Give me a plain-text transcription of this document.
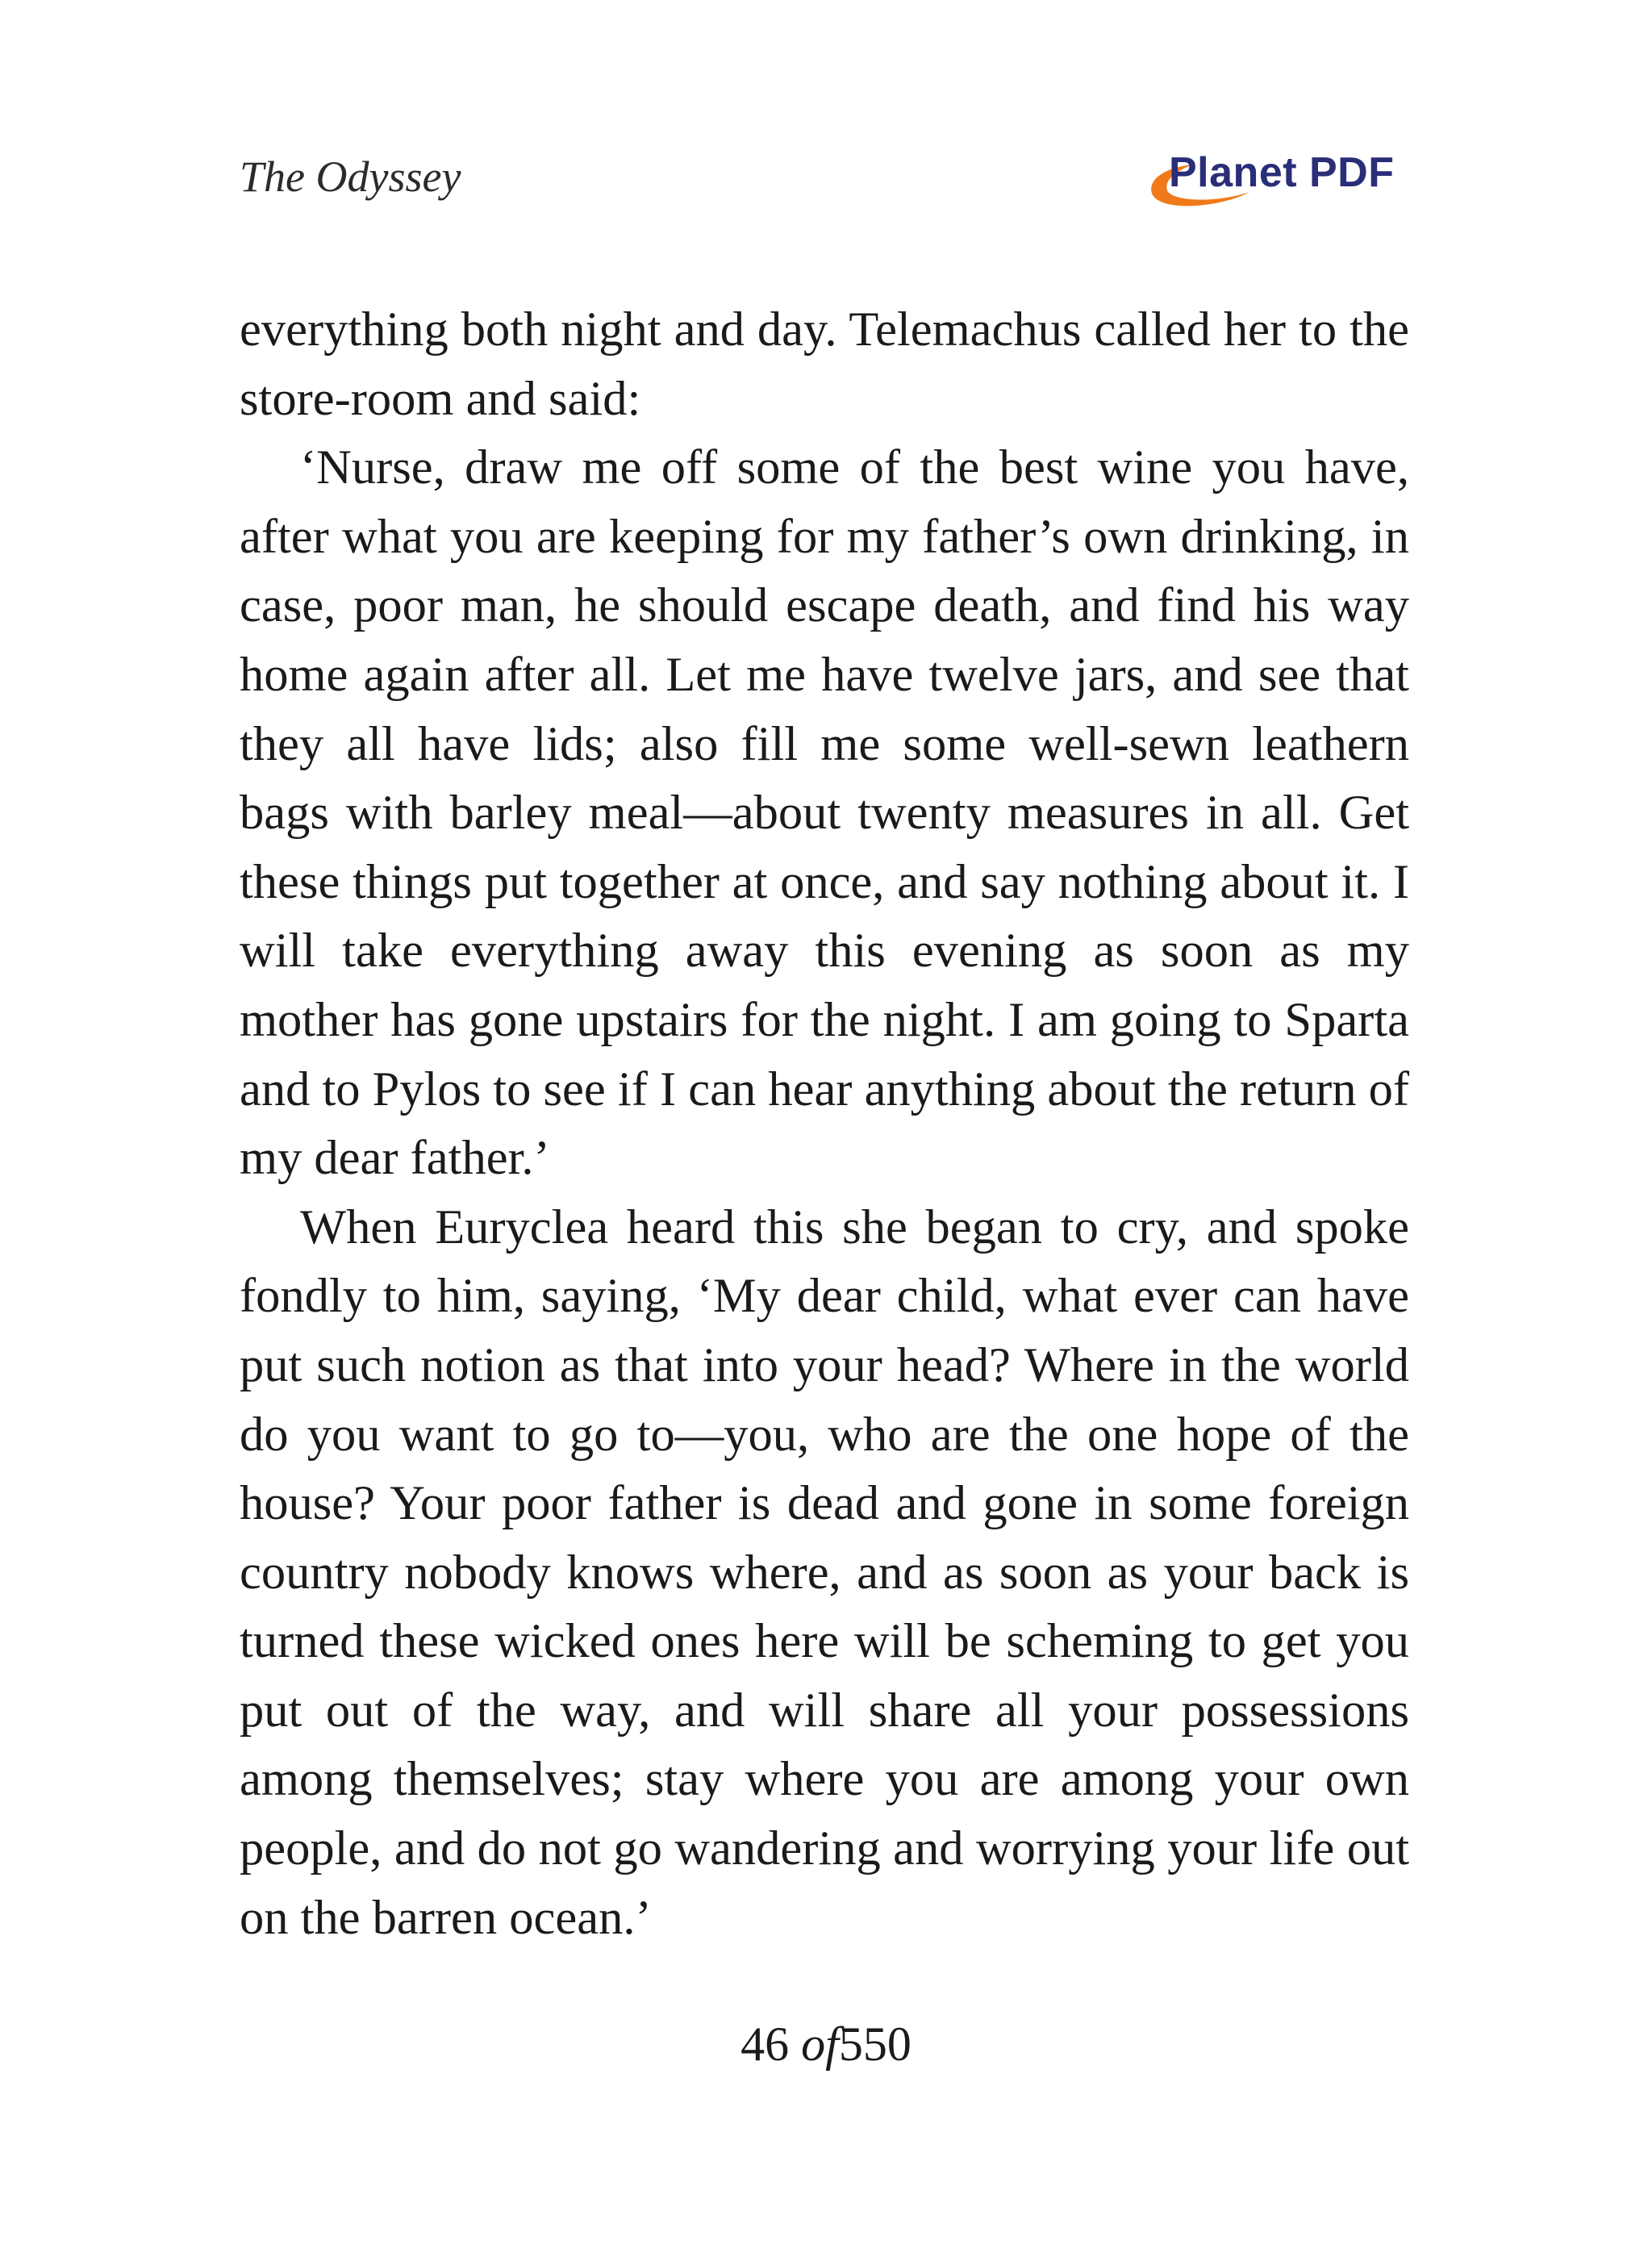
The Odyssey	Planet PDF

everything both night and day. Telemachus called her to the store-room and said:

‘Nurse, draw me off some of the best wine you have, after what you are keeping for my father’s own drinking, in case, poor man, he should escape death, and find his way home again after all. Let me have twelve jars, and see that they all have lids; also fill me some well-sewn leathern bags with barley meal—about twenty measures in all. Get these things put together at once, and say nothing about it. I will take everything away this evening as soon as my mother has gone upstairs for the night. I am going to Sparta and to Pylos to see if I can hear anything about the return of my dear father.’

When Euryclea heard this she began to cry, and spoke fondly to him, saying, ‘My dear child, what ever can have put such notion as that into your head? Where in the world do you want to go to—you, who are the one hope of the house? Your poor father is dead and gone in some foreign country nobody knows where, and as soon as your back is turned these wicked ones here will be scheming to get you put out of the way, and will share all your possessions among themselves; stay where you are among your own people, and do not go wandering and worrying your life out on the barren ocean.’

46 of550
